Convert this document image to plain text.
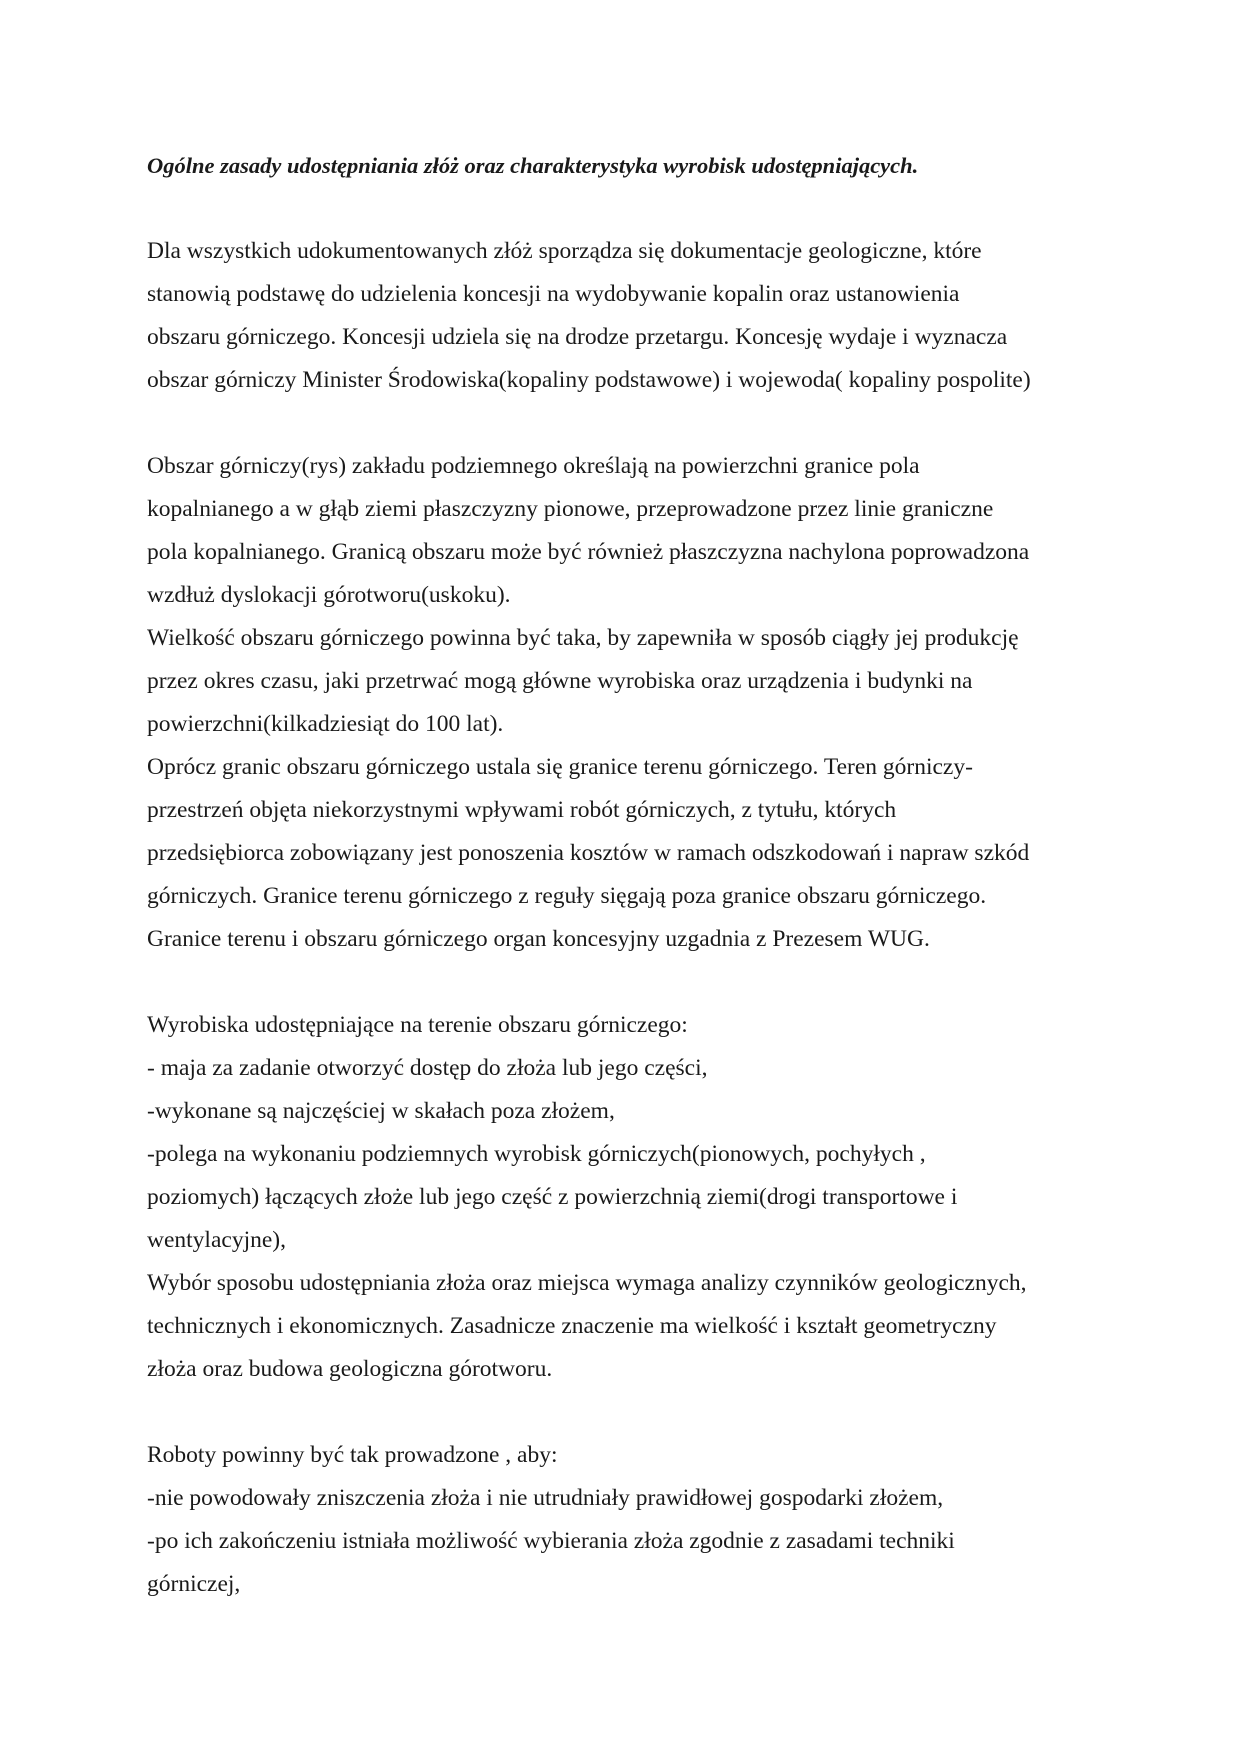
Ogólne zasady udostępniania złóż oraz charakterystyka wyrobisk udostępniających.

Dla wszystkich udokumentowanych złóż sporządza się dokumentacje geologiczne, które
stanowią podstawę do udzielenia koncesji na wydobywanie kopalin oraz ustanowienia
obszaru górniczego. Koncesji udziela się na drodze przetargu. Koncesję wydaje i wyznacza
obszar górniczy Minister Środowiska(kopaliny podstawowe) i wojewoda( kopaliny pospolite)

Obszar górniczy(rys) zakładu podziemnego określają na powierzchni granice pola
kopalnianego a w głąb ziemi płaszczyzny pionowe, przeprowadzone przez linie graniczne
pola kopalnianego. Granicą obszaru może być również płaszczyzna nachylona poprowadzona
wzdłuż dyslokacji górotworu(uskoku).
Wielkość obszaru górniczego powinna być taka, by zapewniła w sposób ciągły jej produkcję
przez okres czasu, jaki przetrwać mogą główne wyrobiska oraz urządzenia i budynki na
powierzchni(kilkadziesiąt do 100 lat).
Oprócz granic obszaru górniczego ustala się granice terenu górniczego. Teren górniczy-
przestrzeń objęta niekorzystnymi wpływami robót górniczych, z tytułu, których
przedsiębiorca zobowiązany jest ponoszenia kosztów w ramach odszkodowań i napraw szkód
górniczych. Granice terenu górniczego z reguły sięgają poza granice obszaru górniczego.
Granice terenu i obszaru górniczego organ koncesyjny uzgadnia z Prezesem WUG.

Wyrobiska udostępniające na terenie obszaru górniczego:
- maja za zadanie otworzyć dostęp do złoża lub jego części,
-wykonane są najczęściej w skałach poza złożem,
-polega na wykonaniu podziemnych wyrobisk górniczych(pionowych, pochyłych ,
poziomych) łączących złoże lub jego część z powierzchnią ziemi(drogi transportowe i
wentylacyjne),
Wybór sposobu udostępniania złoża oraz miejsca wymaga analizy czynników geologicznych,
technicznych i ekonomicznych. Zasadnicze znaczenie ma wielkość i kształt geometryczny
złoża oraz budowa geologiczna górotworu.

Roboty powinny być tak prowadzone , aby:
-nie powodowały zniszczenia złoża i nie utrudniały prawidłowej gospodarki złożem,
-po ich zakończeniu istniała możliwość wybierania złoża zgodnie z zasadami techniki
górniczej,
